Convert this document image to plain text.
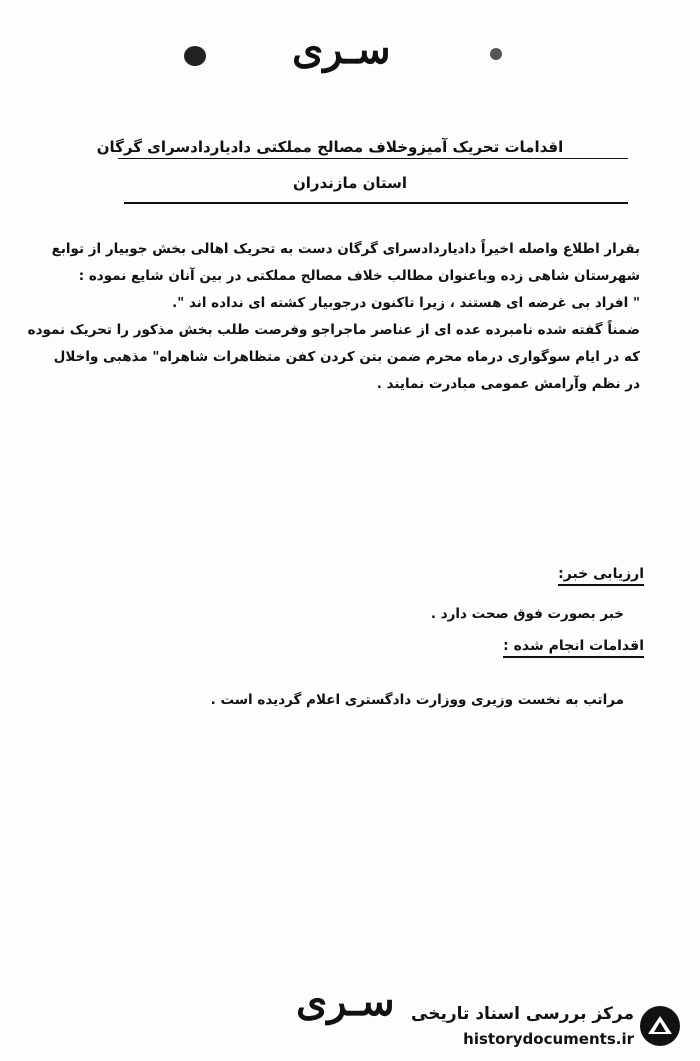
سـرى
اقدامات تحریک آمیزوخلاف مصالح مملکتی دادیاردادسرای گرگان
استان مازندران

بقرار اطلاع واصله اخیراً دادیاردادسرای گرگان دست به تحریک اهالی بخش جوبیار از توابع

شهرستان شاهی زده وباعنوان مطالب خلاف مصالح مملکتی در بین آنان شایع نموده :

" افراد بی غرضه ای هستند ، زیرا تاکنون درجوبیار کشته ای نداده اند ".

ضمناً گفته شده نامبرده عده ای از عناصر ماجراجو وفرصت طلب بخش مذکور را تحریک نموده

که در ایام سوگواری درماه محرم ضمن بتن کردن کفن متظاهرات شاهراه" مذهبی واخلال

در نظم وآرامش عمومی مبادرت نمایند .

ارزیابی خبر:
خبر بصورت فوق صحت دارد .
اقدامات انجام شده :
مراتب به نخست وزیری ووزارت دادگستری اعلام گردیده است .
سـرى مرکز بررسی اسناد تاریخی
historydocuments.ir
